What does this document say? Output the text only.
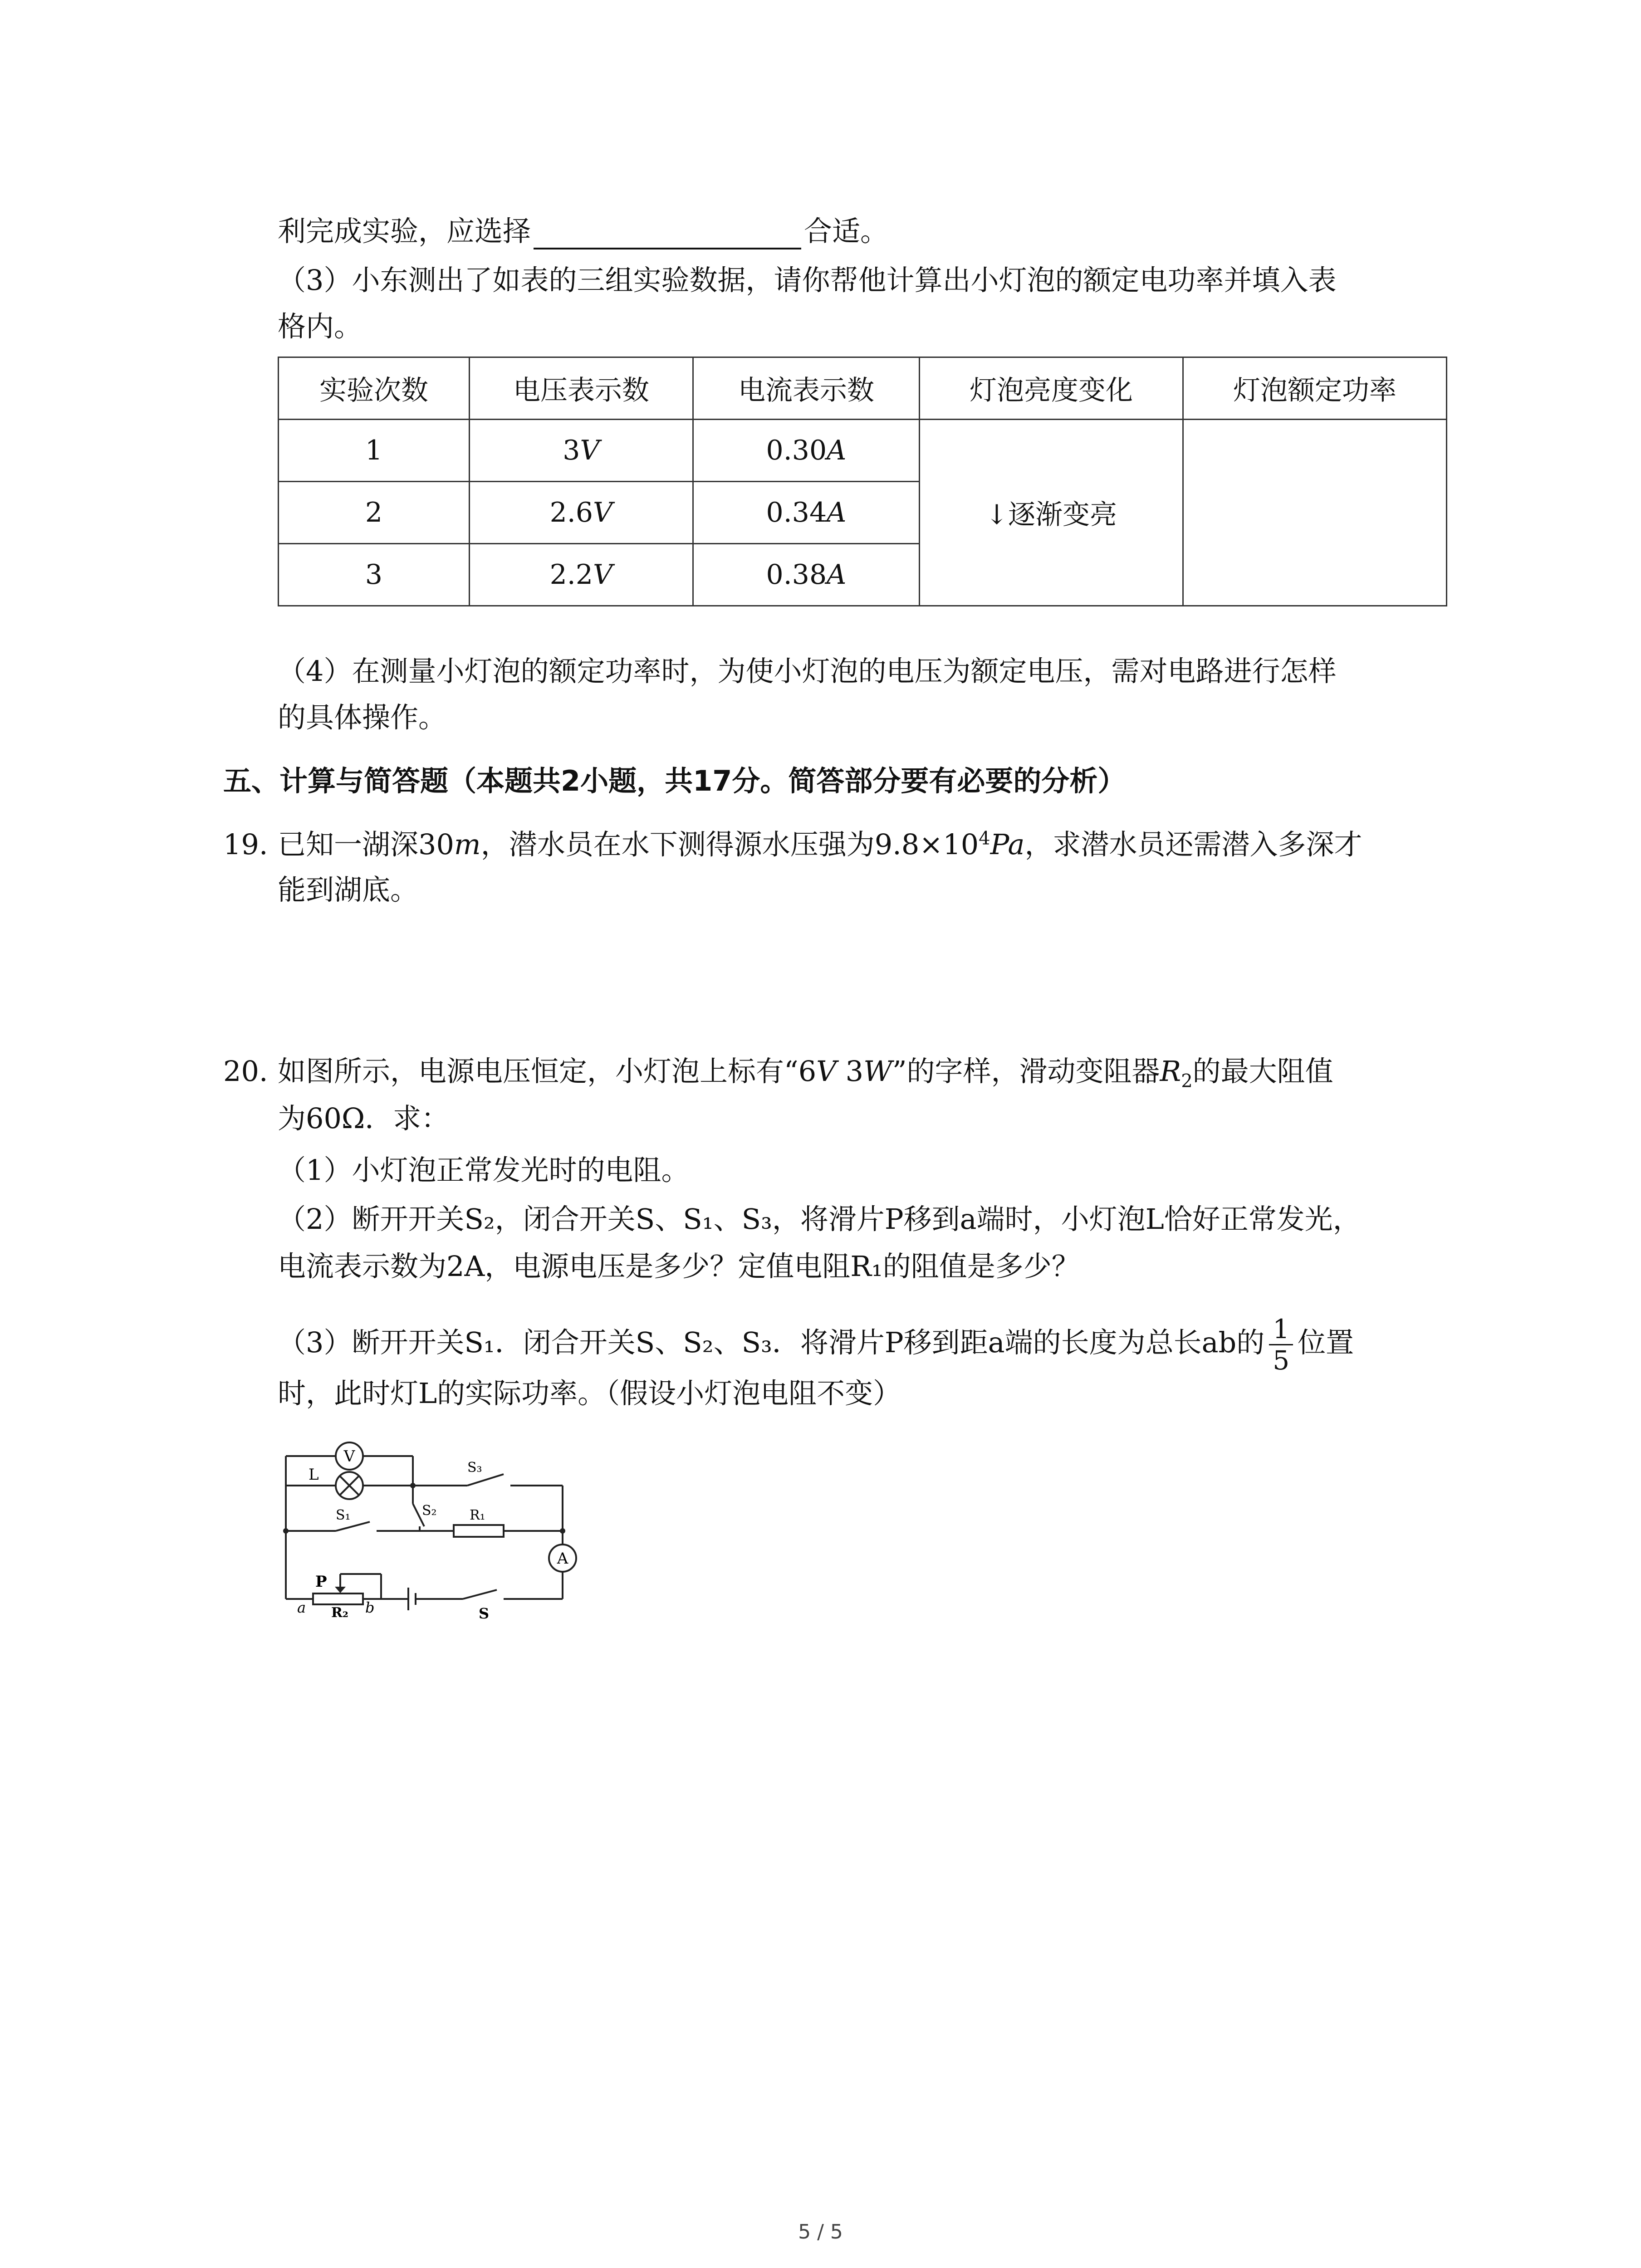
利完成实验，应选择	合适。
（3）小东测出了如表的三组实验数据，请你帮他计算出小灯泡的额定电功率并填入表
格内。
实验次数	电压表示数	电流表示数	灯泡亮度变化	灯泡额定功率
1	3V	0.30A	↓逐渐变亮	
2	2.6V	0.34A		
3	2.2V	0.38A		
（4）在测量小灯泡的额定功率时，为使小灯泡的电压为额定电压，需对电路进行怎样
的具体操作。
五、计算与简答题（本题共2小题，共17分。简答部分要有必要的分析）
19. 已知一湖深30m，潜水员在水下测得源水压强为$9.8\times 10^4Pa$，求潜水员还需潜入多深才
能到湖底。
20. 如图所示，电源电压恒定，小灯泡上标有“6V 3W”的字样，滑动变阻器$R_2$的最大阻值
为60Ω．求：
（1）小灯泡正常发光时的电阻。
（2）断开开关S₂，闭合开关S、S₁、S₃，将滑片P移到a端时，小灯泡L恰好正常发光，
电流表示数为2A，电源电压是多少？定值电阻R₁的阻值是多少？
（3）断开开关S₁．闭合开关S、S₂、S₃．将滑片P移到距a端的长度为总长ab的 $\frac{1}{5}$ 位置
时，此时灯L的实际功率。（假设小灯泡电阻不变）
V
L	S₃
S₂
S₁	R₁
A
P
a R₂ b	S
5 / 5
